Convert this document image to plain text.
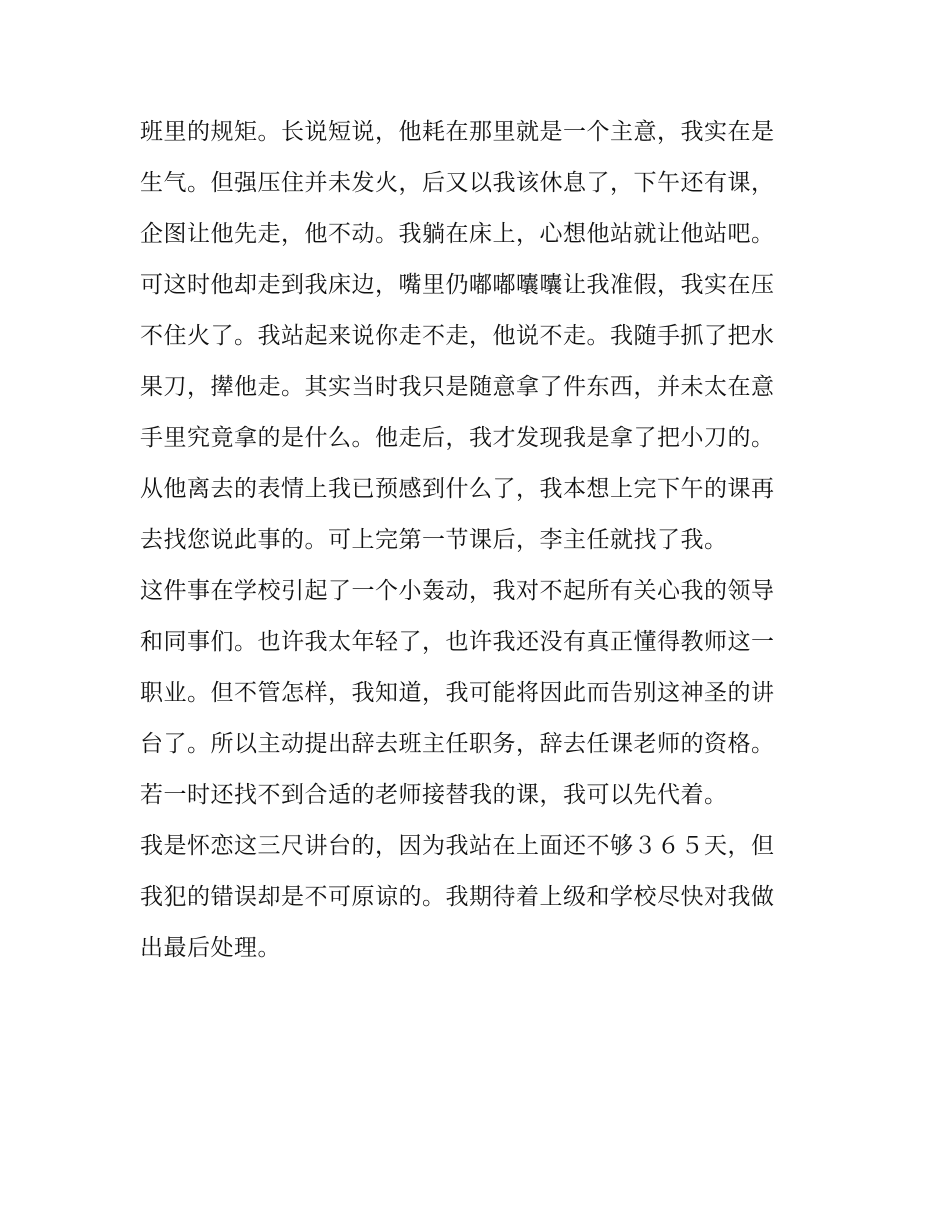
班里的规矩。长说短说，他耗在那里就是一个主意，我实在是
生气。但强压住并未发火，后又以我该休息了，下午还有课，
企图让他先走，他不动。我躺在床上，心想他站就让他站吧。
可这时他却走到我床边，嘴里仍嘟嘟囔囔让我准假，我实在压
不住火了。我站起来说你走不走，他说不走。我随手抓了把水
果刀，撵他走。其实当时我只是随意拿了件东西，并未太在意
手里究竟拿的是什么。他走后，我才发现我是拿了把小刀的。
从他离去的表情上我已预感到什么了，我本想上完下午的课再
去找您说此事的。可上完第一节课后，李主任就找了我。
这件事在学校引起了一个小轰动，我对不起所有关心我的领导
和同事们。也许我太年轻了，也许我还没有真正懂得教师这一
职业。但不管怎样，我知道，我可能将因此而告别这神圣的讲
台了。所以主动提出辞去班主任职务，辞去任课老师的资格。
若一时还找不到合适的老师接替我的课，我可以先代着。
我是怀恋这三尺讲台的，因为我站在上面还不够３６５天，但
我犯的错误却是不可原谅的。我期待着上级和学校尽快对我做
出最后处理。
